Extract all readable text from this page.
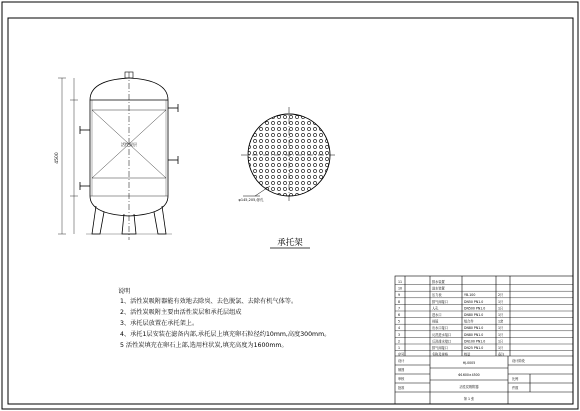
4500
活性炭层
φ145,205,@孔
承托架
说明
1、活性炭吸附器能有效地去除臭、去色脱氯、去除有机气体等。
2、活性炭吸附主要由活性炭层和承托层组成
3、承托层放置在承托架上。
4、承托1层安装在滤备内部,承托层上填充卵石粒径约10mm,高度300mm。
5 活性炭填充在卵石上部,选用柱状炭,填充高度为1600mm。
11	排水装置
10	进水装置
9	压力表	YB-100	2只
8	排气阀接口	DN50 PN1.0	1只
7	人孔	DN500 PN1.0	1只
6	进水口	DN80 PN1.0	1只
5	视镜	组合件	1套
4	出水口接口	DN80 PN1.0	1只
3	反洗进水接口	DN80 PN1.0	1只
2	反洗排水接口	DN100 PN1.0	1只
1	排气阀接口	DN25 PN1.0	1只
序号	名称及规格	数量	备注
HJ-0005
Φ1600×4500
活性炭吸附器
设计
制图
审核
批准
设计阶段
比例
件数
第 1 张
